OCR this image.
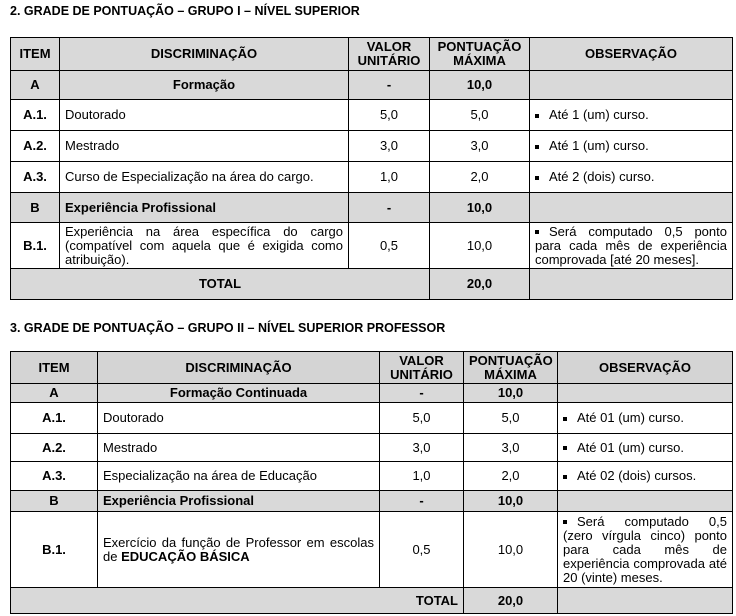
2. GRADE DE PONTUAÇÃO – GRUPO I – NÍVEL SUPERIOR
ITEM	DISCRIMINAÇÃO	VALOR UNITÁRIO	PONTUAÇÃO MÁXIMA	OBSERVAÇÃO
A	Formação	-	10,0	
A.1.	Doutorado	5,0	5,0	Até 1 (um) curso.
A.2.	Mestrado	3,0	3,0	Até 1 (um) curso.
A.3.	Curso de Especialização na área do cargo.	1,0	2,0	Até 2 (dois) curso.
B	Experiência Profissional	-	10,0	
B.1.	Experiência na área específica do cargo (compatível com aquela que é exigida como atribuição).	0,5	10,0	Será computado 0,5 ponto para cada mês de experiência comprovada [até 20 meses].
TOTAL			20,0	
3. GRADE DE PONTUAÇÃO – GRUPO II – NÍVEL SUPERIOR PROFESSOR
ITEM	DISCRIMINAÇÃO	VALOR UNITÁRIO	PONTUAÇÃO MÁXIMA	OBSERVAÇÃO
A	Formação Continuada	-	10,0	
A.1.	Doutorado	5,0	5,0	Até 01 (um) curso.
A.2.	Mestrado	3,0	3,0	Até 01 (um) curso.
A.3.	Especialização na área de Educação	1,0	2,0	Até 02 (dois) cursos.
B	Experiência Profissional	-	10,0	
B.1.	Exercício da função de Professor em escolas de EDUCAÇÃO BÁSICA	0,5	10,0	Será computado 0,5 (zero vírgula cinco) ponto para cada mês de experiência comprovada até 20 (vinte) meses.
TOTAL			20,0	
